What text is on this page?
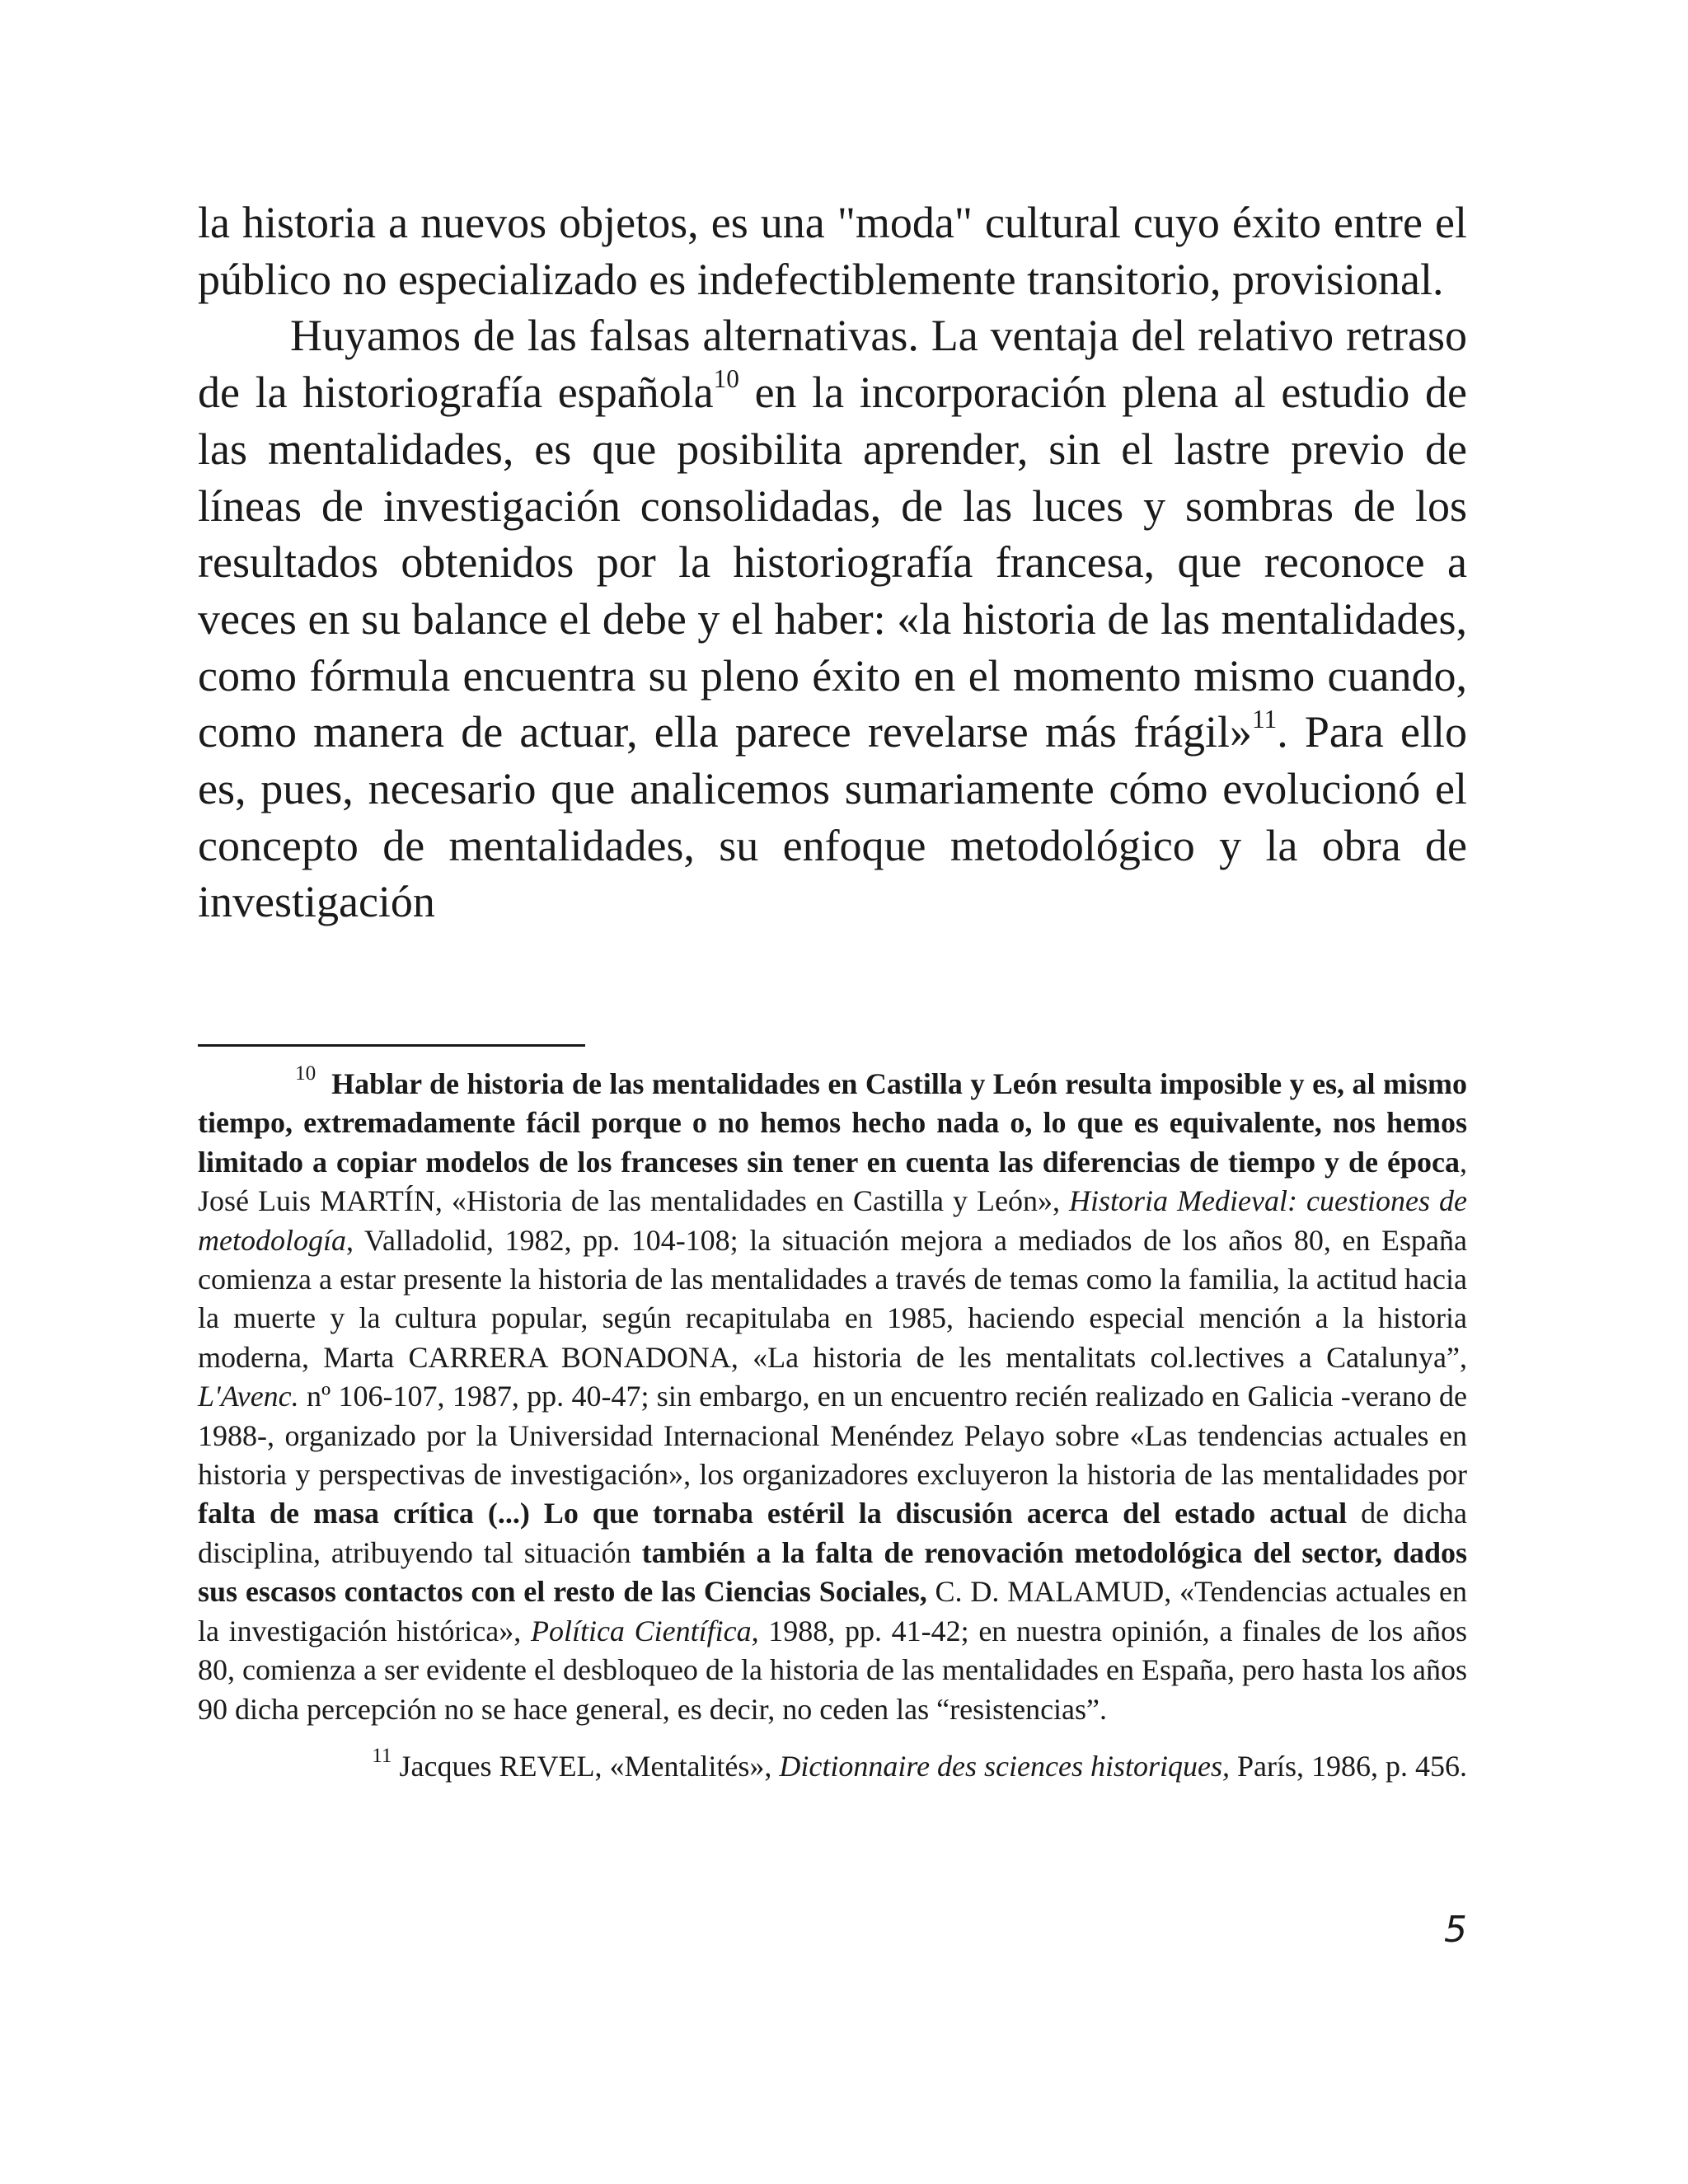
la historia a nuevos objetos, es una "moda" cultural cuyo éxito entre el público no especializado es indefectiblemente transitorio, provisional.

Huyamos de las falsas alternativas. La ventaja del relativo retraso de la historiografía española$^{10}$ en la incorporación plena al estudio de las mentalidades, es que posibilita aprender, sin el lastre previo de líneas de investigación consolidadas, de las luces y sombras de los resultados obtenidos por la historiografía francesa, que reconoce a veces en su balance el debe y el haber: «la historia de las mentalidades, como fórmula encuentra su pleno éxito en el momento mismo cuando, como manera de actuar, ella parece revelarse más frágil»$^{11}$. Para ello es, pues, necesario que analicemos sumariamente cómo evolucionó el concepto de mentalidades, su enfoque metodológico y la obra de investigación

$^{10}$ Hablar de historia de las mentalidades en Castilla y León resulta imposible y es, al mismo tiempo, extremadamente fácil porque o no hemos hecho nada o, lo que es equivalente, nos hemos limitado a copiar modelos de los franceses sin tener en cuenta las diferencias de tiempo y de época, José Luis MARTÍN, «Historia de las mentalidades en Castilla y León», Historia Medieval: cuestiones de metodología, Valladolid, 1982, pp. 104-108; la situación mejora a mediados de los años 80, en España comienza a estar presente la historia de las mentalidades a través de temas como la familia, la actitud hacia la muerte y la cultura popular, según recapitulaba en 1985, haciendo especial mención a la historia moderna, Marta CARRERA BONADONA, «La historia de les mentalitats col.lectives a Catalunya”, L'Avenc. nº 106-107, 1987, pp. 40-47; sin embargo, en un encuentro recién realizado en Galicia -verano de 1988-, organizado por la Universidad Internacional Menéndez Pelayo sobre «Las tendencias actuales en historia y perspectivas de investigación», los organizadores excluyeron la historia de las mentalidades por falta de masa crítica (...) Lo que tornaba estéril la discusión acerca del estado actual de dicha disciplina, atribuyendo tal situación también a la falta de renovación metodológica del sector, dados sus escasos contactos con el resto de las Ciencias Sociales, C. D. MALAMUD, «Tendencias actuales en la investigación histórica», Política Científica, 1988, pp. 41-42; en nuestra opinión, a finales de los años 80, comienza a ser evidente el desbloqueo de la historia de las mentalidades en España, pero hasta los años 90 dicha percepción no se hace general, es decir, no ceden las “resistencias”.

$^{11}$ Jacques REVEL, «Mentalités», Dictionnaire des sciences historiques, París, 1986, p. 456.

5
